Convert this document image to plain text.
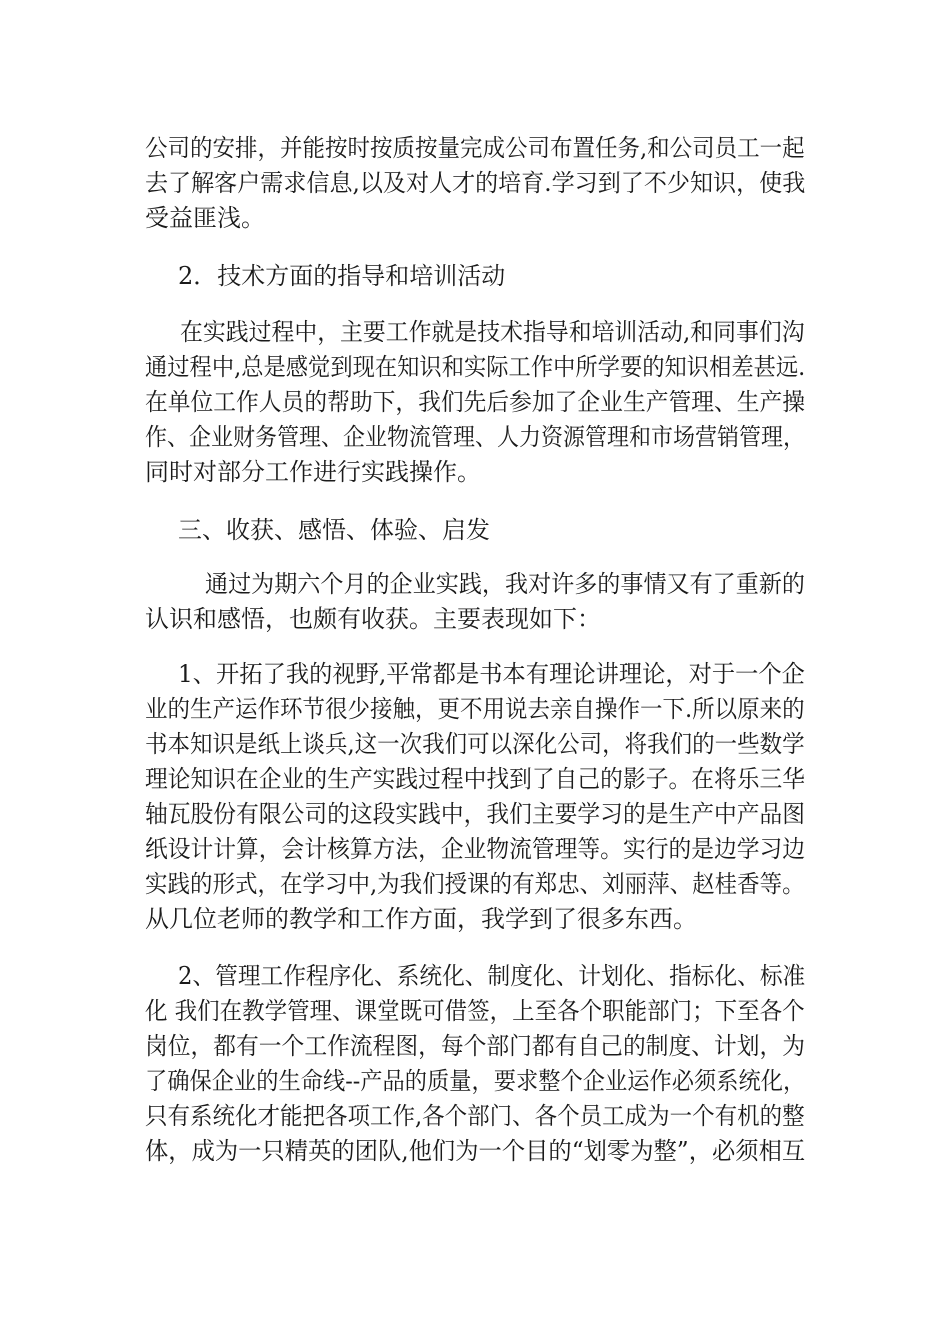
公司的安排，并能按时按质按量完成公司布置任务,和公司员工一起
去了解客户需求信息,以及对人才的培育.学习到了不少知识，使我
受益匪浅。
2．技术方面的指导和培训活动
在实践过程中，主要工作就是技术指导和培训活动,和同事们沟
通过程中,总是感觉到现在知识和实际工作中所学要的知识相差甚远.
在单位工作人员的帮助下，我们先后参加了企业生产管理、生产操
作、企业财务管理、企业物流管理、人力资源管理和市场营销管理，
同时对部分工作进行实践操作。
三、收获、感悟、体验、启发
通过为期六个月的企业实践，我对许多的事情又有了重新的
认识和感悟，也颇有收获。主要表现如下：
1、开拓了我的视野,平常都是书本有理论讲理论，对于一个企
业的生产运作环节很少接触，更不用说去亲自操作一下.所以原来的
书本知识是纸上谈兵,这一次我们可以深化公司，将我们的一些数学
理论知识在企业的生产实践过程中找到了自己的影子。在将乐三华
轴瓦股份有限公司的这段实践中，我们主要学习的是生产中产品图
纸设计计算，会计核算方法，企业物流管理等。实行的是边学习边
实践的形式，在学习中,为我们授课的有郑忠、刘丽萍、赵桂香等。
从几位老师的教学和工作方面，我学到了很多东西。
2、管理工作程序化、系统化、制度化、计划化、指标化、标准
化 我们在教学管理、课堂既可借签，上至各个职能部门；下至各个
岗位，都有一个工作流程图，每个部门都有自己的制度、计划，为
了确保企业的生命线--产品的质量，要求整个企业运作必须系统化，
只有系统化才能把各项工作,各个部门、各个员工成为一个有机的整
体，成为一只精英的团队,他们为一个目的“划零为整”，必须相互
